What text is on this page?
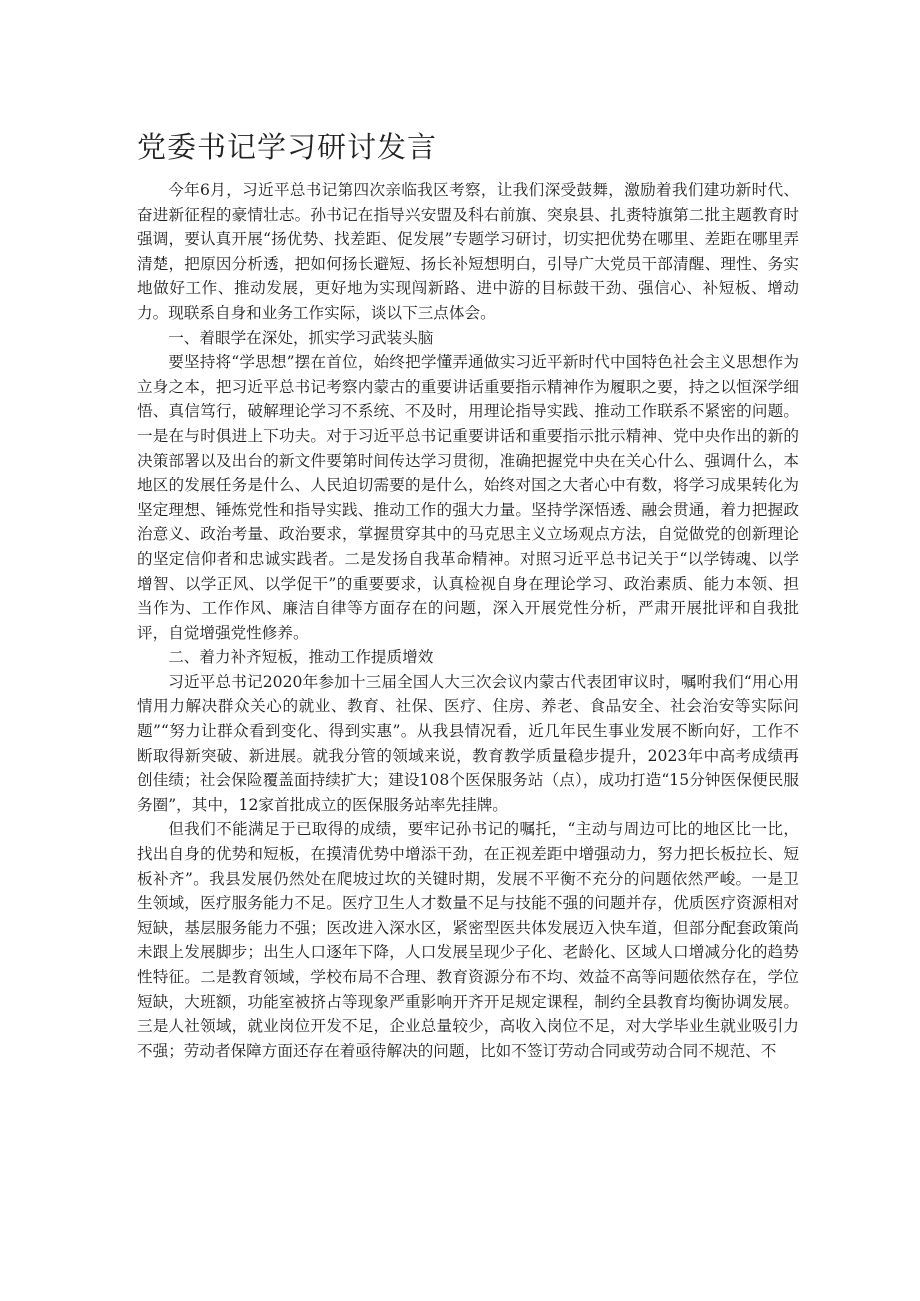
党委书记学习研讨发言

今年6月，习近平总书记第四次亲临我区考察，让我们深受鼓舞，激励着我们建功新时代、奋进新征程的豪情壮志。孙书记在指导兴安盟及科右前旗、突泉县、扎赉特旗第二批主题教育时强调，要认真开展“扬优势、找差距、促发展”专题学习研讨，切实把优势在哪里、差距在哪里弄清楚，把原因分析透，把如何扬长避短、扬长补短想明白，引导广大党员干部清醒、理性、务实地做好工作、推动发展，更好地为实现闯新路、进中游的目标鼓干劲、强信心、补短板、增动力。现联系自身和业务工作实际，谈以下三点体会。

一、着眼学在深处，抓实学习武装头脑

要坚持将“学思想”摆在首位，始终把学懂弄通做实习近平新时代中国特色社会主义思想作为立身之本，把习近平总书记考察内蒙古的重要讲话重要指示精神作为履职之要，持之以恒深学细悟、真信笃行，破解理论学习不系统、不及时，用理论指导实践、推动工作联系不紧密的问题。一是在与时俱进上下功夫。对于习近平总书记重要讲话和重要指示批示精神、党中央作出的新的决策部署以及出台的新文件要第时间传达学习贯彻，准确把握党中央在关心什么、强调什么，本地区的发展任务是什么、人民迫切需要的是什么，始终对国之大者心中有数，将学习成果转化为坚定理想、锤炼党性和指导实践、推动工作的强大力量。坚持学深悟透、融会贯通，着力把握政治意义、政治考量、政治要求，掌握贯穿其中的马克思主义立场观点方法，自觉做党的创新理论的坚定信仰者和忠诚实践者。二是发扬自我革命精神。对照习近平总书记关于“以学铸魂、以学增智、以学正风、以学促干”的重要要求，认真检视自身在理论学习、政治素质、能力本领、担当作为、工作作风、廉洁自律等方面存在的问题，深入开展党性分析，严肃开展批评和自我批评，自觉增强党性修养。

二、着力补齐短板，推动工作提质增效

习近平总书记2020年参加十三届全国人大三次会议内蒙古代表团审议时，嘱咐我们“用心用情用力解决群众关心的就业、教育、社保、医疗、住房、养老、食品安全、社会治安等实际问题”“努力让群众看到变化、得到实惠”。从我县情况看，近几年民生事业发展不断向好，工作不断取得新突破、新进展。就我分管的领域来说，教育教学质量稳步提升，2023年中高考成绩再创佳绩；社会保险覆盖面持续扩大；建设108个医保服务站（点），成功打造“15分钟医保便民服务圈”，其中，12家首批成立的医保服务站率先挂牌。

但我们不能满足于已取得的成绩，要牢记孙书记的嘱托，“主动与周边可比的地区比一比，找出自身的优势和短板，在摸清优势中增添干劲，在正视差距中增强动力，努力把长板拉长、短板补齐”。我县发展仍然处在爬坡过坎的关键时期，发展不平衡不充分的问题依然严峻。一是卫生领域，医疗服务能力不足。医疗卫生人才数量不足与技能不强的问题并存，优质医疗资源相对短缺，基层服务能力不强；医改进入深水区，紧密型医共体发展迈入快车道，但部分配套政策尚未跟上发展脚步；出生人口逐年下降，人口发展呈现少子化、老龄化、区域人口增减分化的趋势性特征。二是教育领域，学校布局不合理、教育资源分布不均、效益不高等问题依然存在，学位短缺，大班额，功能室被挤占等现象严重影响开齐开足规定课程，制约全县教育均衡协调发展。三是人社领域，就业岗位开发不足，企业总量较少，高收入岗位不足，对大学毕业生就业吸引力不强；劳动者保障方面还存在着亟待解决的问题，比如不签订劳动合同或劳动合同不规范、不
